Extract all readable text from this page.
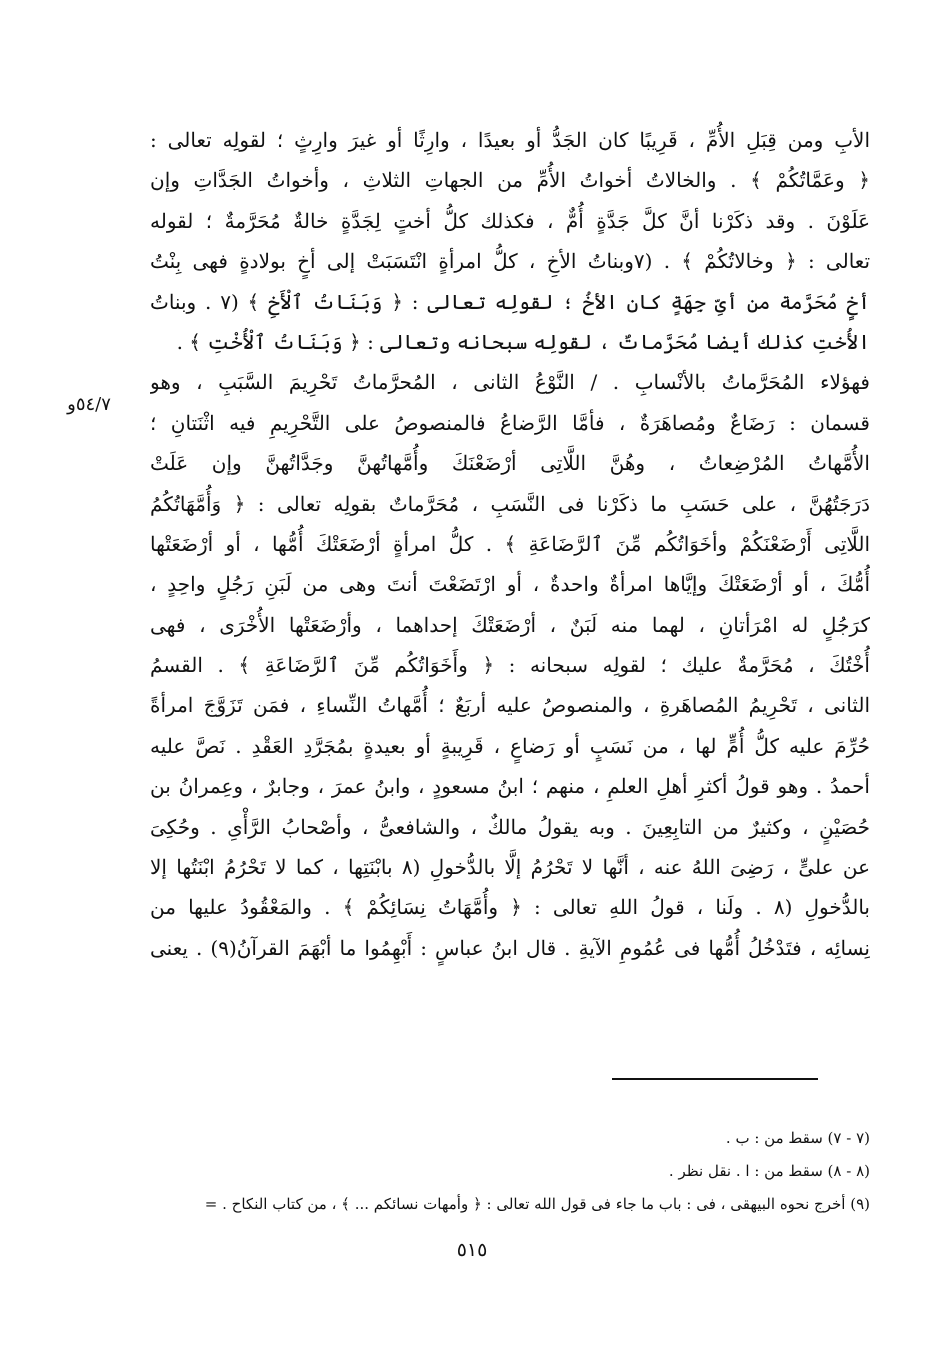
الأبِ ومن قِبَلِ الأُمِّ ، قَرِيبًا كان الجَدُّ أو بعيدًا ، وارِثًا أو غيرَ وارِثٍ ؛ لقولِه تعالى :
﴿ وعَمَّاتُكُمْ ﴾ . والخالاتُ أخواتُ الأُمِّ من الجهاتِ الثلاثِ ، وأخواتُ الجَدَّاتِ وإن
عَلَوْنَ . وقد ذكَرْنا أنَّ كلَّ جَدَّةٍ أُمٌّ ، فكذلك كلُّ أختٍ لِجَدَّةٍ خالةٌ مُحَرَّمةٌ ؛ لقوله
تعالى : ﴿ وخالاتُكُمْ ﴾ . (٧وبناتُ الأخِ ، كلُّ امرأةٍ انْتَسَبَتْ إلى أخٍ بولادةٍ فهى بِنْتُ
أخٍ مُحَرَّمة من أىِّ جِهَةٍ كان الأخُ ؛ لقولِه تعالى : ﴿ وَبَنَاتُ ٱلْأَخِ ﴾ (٧ . وبناتُ
الأُختِ كذلك أيضا مُحَرَّماتٌ ، لقولِه سبحانه وتعالى : ﴿ وَبَنَاتُ ٱلْأُخْتِ ﴾ .
فهؤلاء المُحَرَّماتُ بالأنْسابِ . / النَّوْعُ الثانى ، المُحرَّماتُ تَحْرِيمَ السَّبَبِ ، وهو
قسمان : رَضَاعٌ ومُصاهَرَةٌ ، فأمَّا الرَّضاعُ فالمنصوصُ على التَّحْرِيمِ فيه اثْنَتانِ ؛
الأُمَّهاتُ المُرْضِعاتُ ، وهُنَّ اللَّاتِى أرْضَعْنَكَ وأُمَّهاتُهنَّ وجَدَّاتُهنَّ وإن عَلَتْ
دَرَجَتُهُنَّ ، على حَسَبِ ما ذكَرْنا فى النَّسَبِ ، مُحَرَّماتٌ بقولِه تعالى : ﴿ وَأُمَّهَاتُكُمُ
اللَّاتِى أَرْضَعْنَكُمْ وأخَوَاتُكُم مِّنَ ٱلرَّضَاعَةِ ﴾ . كلُّ امرأةٍ أرْضَعَتْكَ أُمُّها ، أو أرْضَعَتْها
أُمُّكَ ، أو أرْضَعَتْكَ وإيَّاها امرأةٌ واحدةٌ ، أو ارْتَضَعْتَ أنتَ وهى من لَبَنِ رَجُلٍ واحِدٍ ،
كرَجُلٍ له امْرَأتانِ ، لهما منه لَبَنٌ ، أرْضَعَتْكَ إحداهما ، وأرْضَعَتْها الأُخْرَى ، فهى
أُخْتُكَ ، مُحَرَّمةٌ عليك ؛ لقولِه سبحانه : ﴿ وأَخَوَاتُكُم مِّنَ ٱلرَّضَاعَةِ ﴾ . القسمُ
الثانى ، تَحْرِيمُ المُصاهَرةِ ، والمنصوصُ عليه أربَعٌ ؛ أُمَّهاتُ النِّساءِ ، فمَن تَزَوَّجَ امرأةً
حُرِّمَ عليه كلُّ أُمٍّ لها ، من نَسَبٍ أو رَضاعٍ ، قَرِيبةٍ أو بعيدةٍ بمُجَرَّدِ العَقْدِ . نَصَّ عليه
أحمدُ . وهو قولُ أكثرِ أهلِ العلمِ ، منهم ؛ ابنُ مسعودٍ ، وابنُ عمرَ ، وجابرٌ ، وعِمرانُ بن
حُصَيْنٍ ، وكثيرٌ من التابِعِينَ . وبه يقولُ مالكٌ ، والشافعىُّ ، وأصْحابُ الرَّأْىِ . وحُكِىَ
عن علىٍّ ، رَضِىَ اللهُ عنه ، أنَّها لا تَحْرُمُ إلَّا بالدُّخولِ (٨ بابْنَتِها ، كما لا تَحْرُمُ ابْنَتُها إلا
بالدُّخولِ (٨ . ولَنا ، قولُ اللهِ تعالى : ﴿ وأُمَّهَاتُ نِسَائِكُمْ ﴾ . والمَعْقُودُ عليها من
نِسائِه ، فتَدْخُلُ أُمُّها فى عُمُومِ الآيةِ . قال ابنُ عباسٍ : أَبْهِمُوا ما أبْهَمَ القرآنُ(٩) . يعنى
٥٤/٧و
(٧ - ٧) سقط من : ب .
(٨ - ٨) سقط من : ا . نقل نظر .
(٩) أخرج نحوه البيهقى ، فى : باب ما جاء فى قول الله تعالى : ﴿ وأمهات نسائكم ... ﴾ ، من كتاب النكاح . =
٥١٥
